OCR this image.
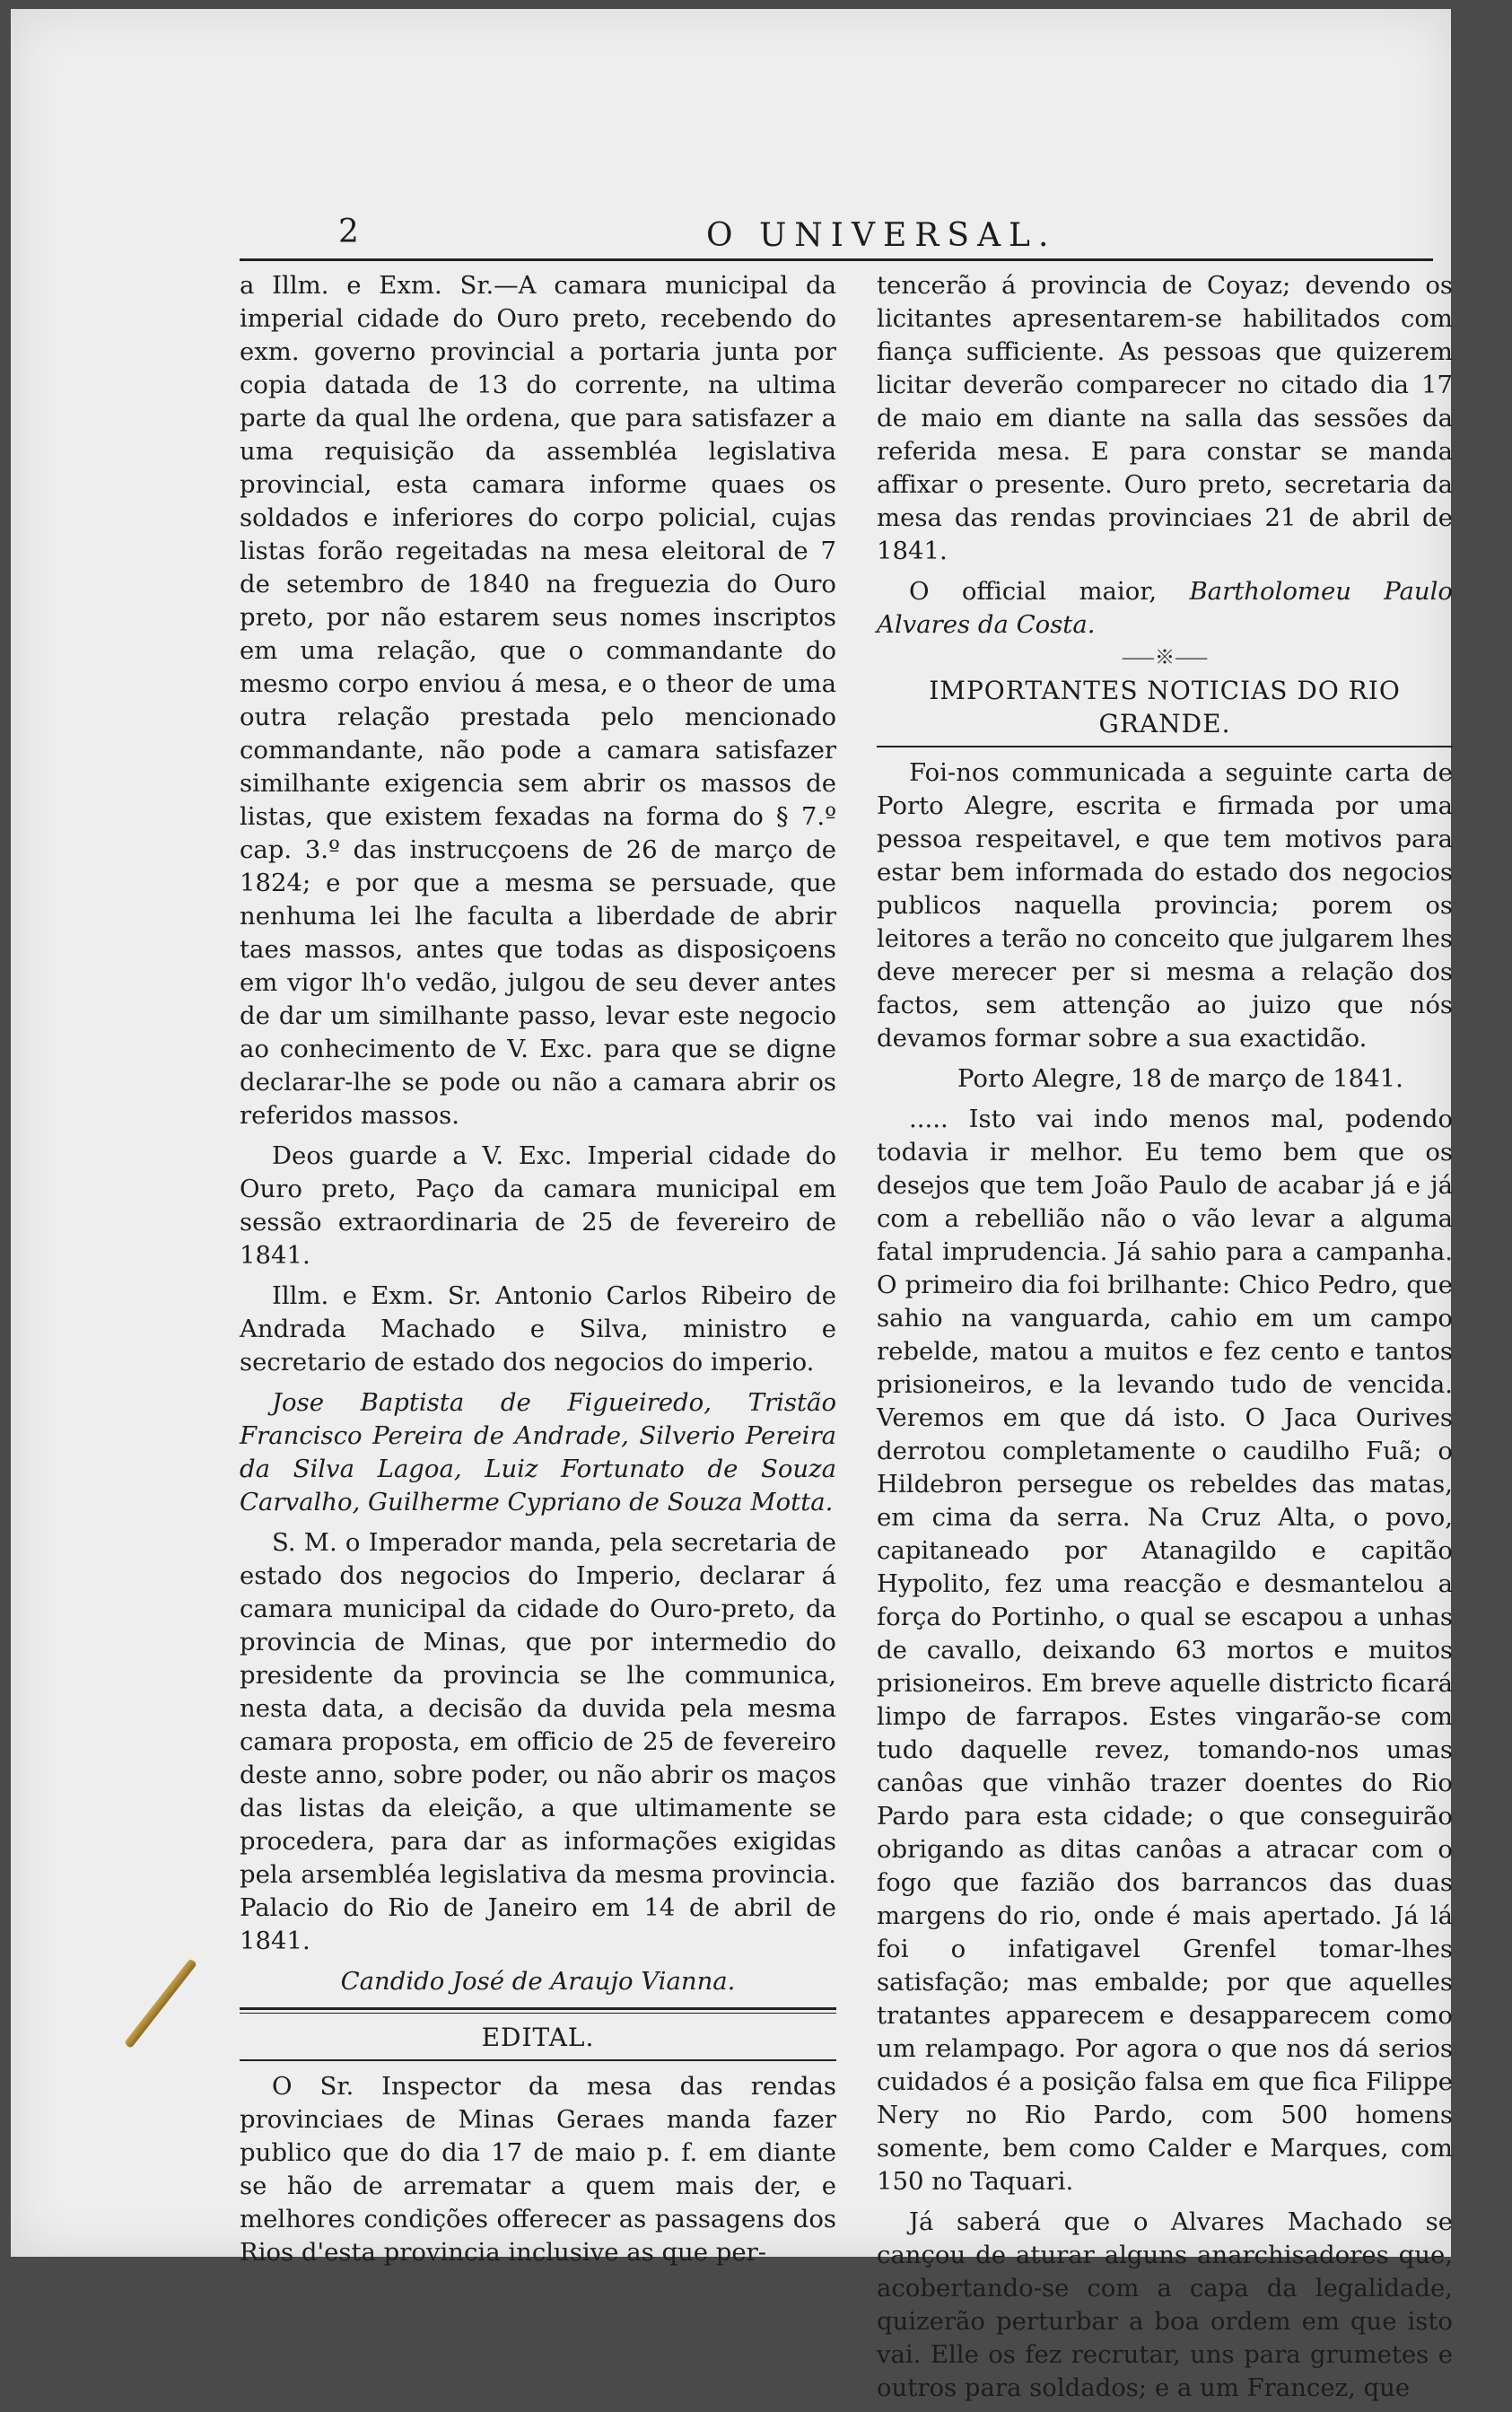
2	O UNIVERSAL.

a Illm. e Exm. Sr.—A camara municipal da imperial cidade do Ouro preto, recebendo do exm. governo provincial a portaria junta por copia datada de 13 do corrente, na ultima parte da qual lhe ordena, que para satisfazer a uma requisição da assembléa legislativa provincial, esta camara informe quaes os soldados e inferiores do corpo policial, cujas listas forão regeitadas na mesa eleitoral de 7 de setembro de 1840 na freguezia do Ouro preto, por não estarem seus nomes inscriptos em uma relação, que o commandante do mesmo corpo enviou á mesa, e o theor de uma outra relação prestada pelo mencionado commandante, não pode a camara satisfazer similhante exigencia sem abrir os massos de listas, que existem fexadas na forma do § 7.º cap. 3.º das instrucçoens de 26 de março de 1824; e por que a mesma se persuade, que nenhuma lei lhe faculta a liberdade de abrir taes massos, antes que todas as disposiçoens em vigor lh'o vedão, julgou de seu dever antes de dar um similhante passo, levar este negocio ao conhecimento de V. Exc. para que se digne declarar-lhe se pode ou não a camara abrir os referidos massos.

Deos guarde a V. Exc. Imperial cidade do Ouro preto, Paço da camara municipal em sessão extraordinaria de 25 de fevereiro de 1841.

Illm. e Exm. Sr. Antonio Carlos Ribeiro de Andrada Machado e Silva, ministro e secretario de estado dos negocios do imperio.

Jose Baptista de Figueiredo, Tristão Francisco Pereira de Andrade, Silverio Pereira da Silva Lagoa, Luiz Fortunato de Souza Carvalho, Guilherme Cypriano de Souza Motta.

S. M. o Imperador manda, pela secretaria de estado dos negocios do Imperio, declarar á camara municipal da cidade do Ouro-preto, da provincia de Minas, que por intermedio do presidente da provincia se lhe communica, nesta data, a decisão da duvida pela mesma camara proposta, em officio de 25 de fevereiro deste anno, sobre poder, ou não abrir os maços das listas da eleição, a que ultimamente se procedera, para dar as informações exigidas pela arsembléa legislativa da mesma provincia. Palacio do Rio de Janeiro em 14 de abril de 1841.

Candido José de Araujo Vianna.
EDITAL.

O Sr. Inspector da mesa das rendas provinciaes de Minas Geraes manda fazer publico que do dia 17 de maio p. f. em diante se hão de arrematar a quem mais der, e melhores condições offerecer as passagens dos Rios d'esta provincia inclusive as que per-

tencerão á provincia de Coyaz; devendo os licitantes apresentarem-se habilitados com fiança sufficiente. As pessoas que quizerem licitar deverão comparecer no citado dia 17 de maio em diante na salla das sessões da referida mesa. E para constar se manda affixar o presente. Ouro preto, secretaria da mesa das rendas provinciaes 21 de abril de 1841.

O official maior, Bartholomeu Paulo Alvares da Costa.

⸺※⸺
IMPORTANTES NOTICIAS DO RIO GRANDE.

Foi-nos communicada a seguinte carta de Porto Alegre, escrita e firmada por uma pessoa respeitavel, e que tem motivos para estar bem informada do estado dos negocios publicos naquella provincia; porem os leitores a terão no conceito que julgarem lhes deve merecer per si mesma a relação dos factos, sem attenção ao juizo que nós devamos formar sobre a sua exactidão.

Porto Alegre, 18 de março de 1841.

..... Isto vai indo menos mal, podendo todavia ir melhor. Eu temo bem que os desejos que tem João Paulo de acabar já e já com a rebellião não o vão levar a alguma fatal imprudencia. Já sahio para a campanha. O primeiro dia foi brilhante: Chico Pedro, que sahio na vanguarda, cahio em um campo rebelde, matou a muitos e fez cento e tantos prisioneiros, e la levando tudo de vencida. Veremos em que dá isto. O Jaca Ourives derrotou completamente o caudilho Fuã; o Hildebron persegue os rebeldes das matas, em cima da serra. Na Cruz Alta, o povo, capitaneado por Atanagildo e capitão Hypolito, fez uma reacção e desmantelou a força do Portinho, o qual se escapou a unhas de cavallo, deixando 63 mortos e muitos prisioneiros. Em breve aquelle districto ficará limpo de farrapos. Estes vingarão-se com tudo daquelle revez, tomando-nos umas canôas que vinhão trazer doentes do Rio Pardo para esta cidade; o que conseguirão obrigando as ditas canôas a atracar com o fogo que fazião dos barrancos das duas margens do rio, onde é mais apertado. Já lá foi o infatigavel Grenfel tomar-lhes satisfação; mas embalde; por que aquelles tratantes apparecem e desapparecem como um relampago. Por agora o que nos dá serios cuidados é a posição falsa em que fica Filippe Nery no Rio Pardo, com 500 homens somente, bem como Calder e Marques, com 150 no Taquari.

Já saberá que o Alvares Machado se cançou de aturar alguns anarchisadores que, acobertando-se com a capa da legalidade, quizerão perturbar a boa ordem em que isto vai. Elle os fez recrutar, uns para grumetes e outros para soldados; e a um Francez, que
